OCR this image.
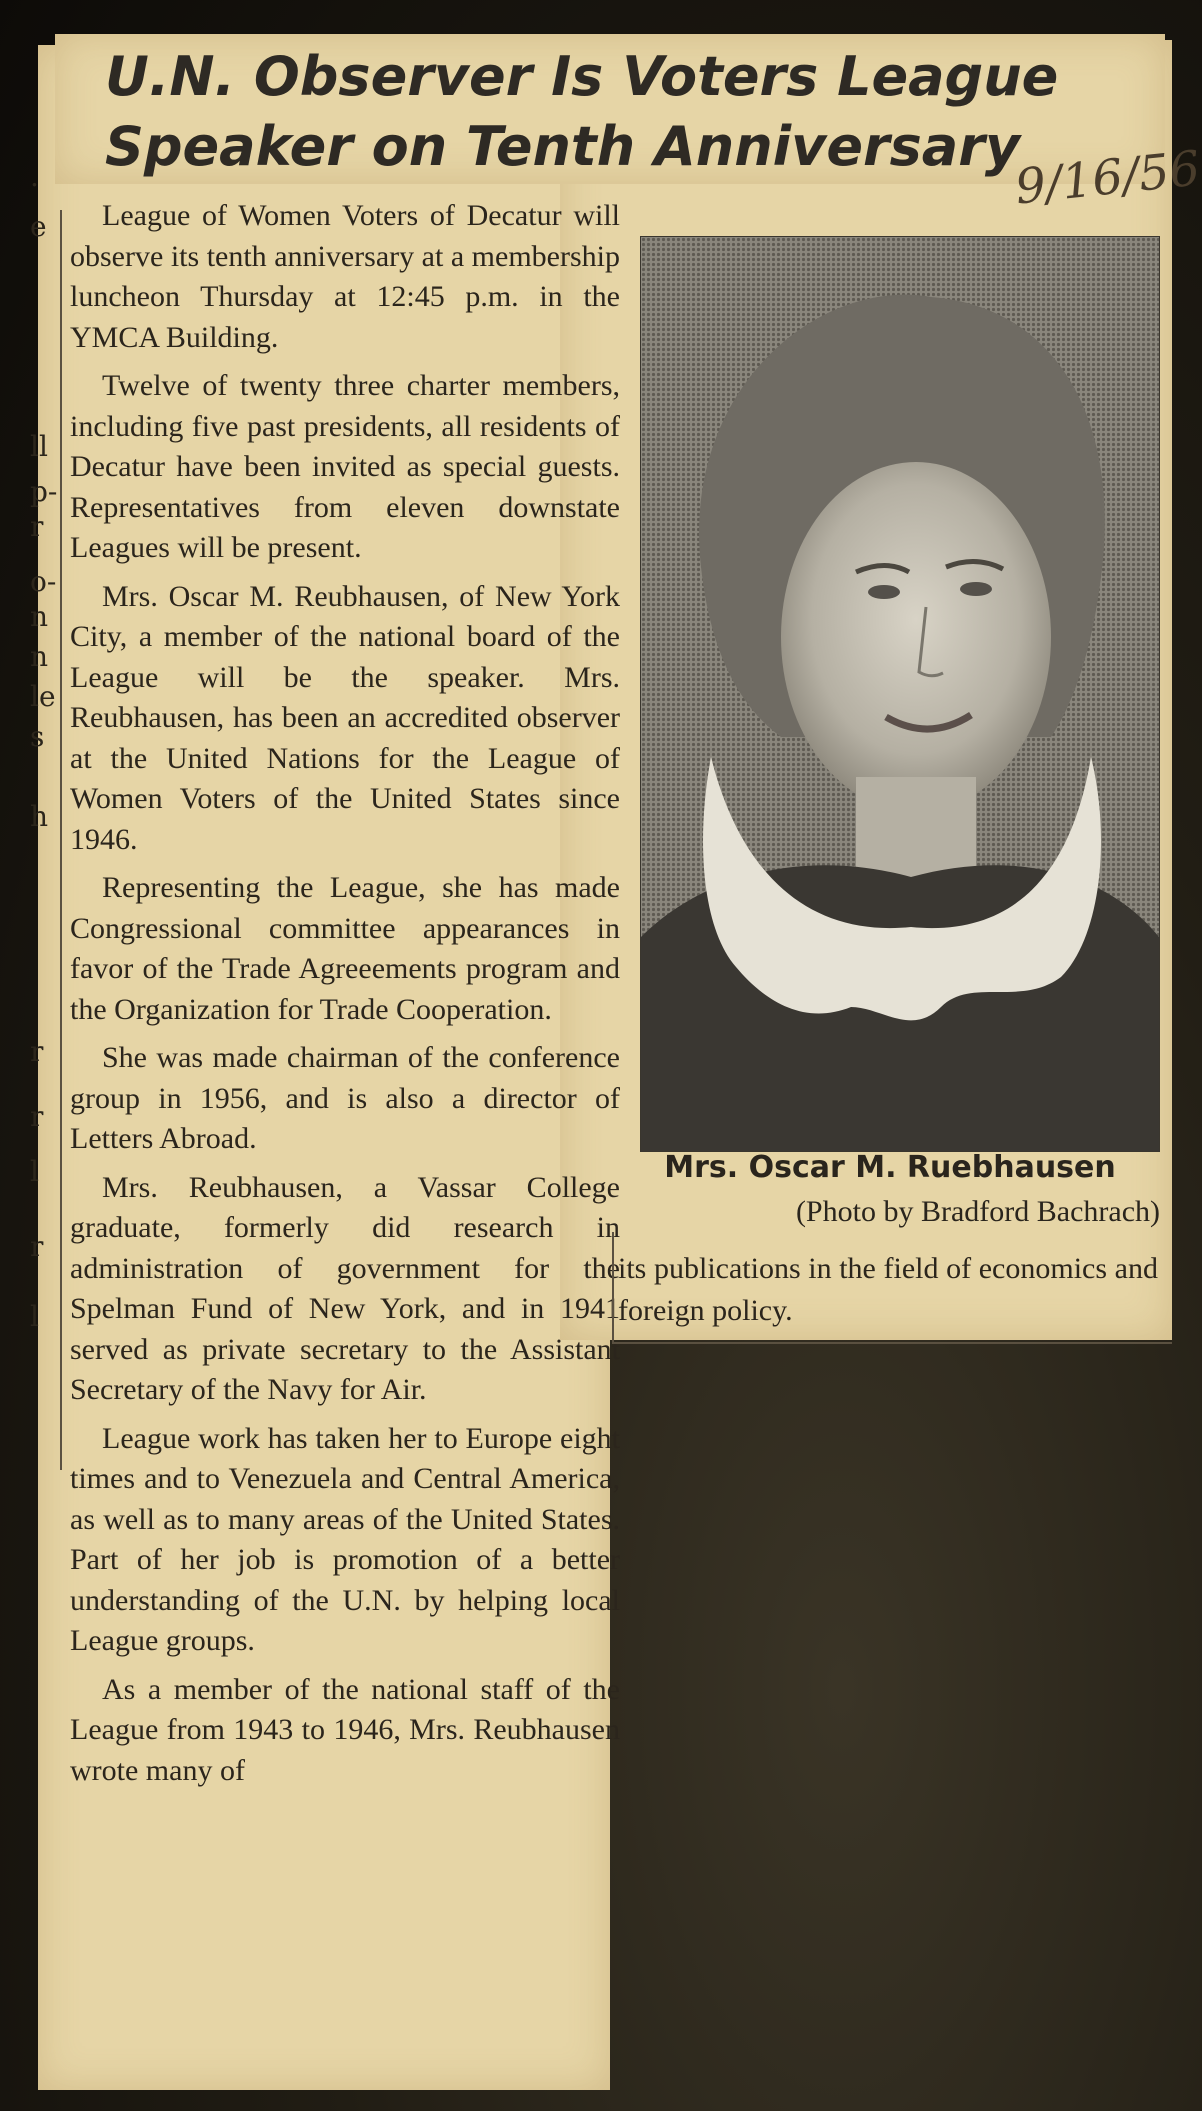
.
e
ll
p-
r
o-
n
n
le
s
h
r
r
l
r
l
U.N. Observer Is Voters League
Speaker on Tenth Anniversary
9/16/56

League of Women Voters of Decatur will observe its tenth anniversary at a membership luncheon Thursday at 12:45 p.m. in the YMCA Building.

Twelve of twenty three charter members, including five past presidents, all residents of Decatur have been invited as special guests. Representatives from eleven downstate Leagues will be present.

Mrs. Oscar M. Reubhausen, of New York City, a member of the national board of the League will be the speaker. Mrs. Reubhausen, has been an accredited observer at the United Nations for the League of Women Voters of the United States since 1946.

Representing the League, she has made Congressional committee appearances in favor of the Trade Agreeements program and the Organization for Trade Cooperation.

She was made chairman of the conference group in 1956, and is also a director of Letters Abroad.

Mrs. Reubhausen, a Vassar College graduate, formerly did research in administration of government for the Spelman Fund of New York, and in 1941 served as private secretary to the Assistant Secretary of the Navy for Air.

League work has taken her to Europe eight times and to Venezuela and Central America, as well as to many areas of the United States. Part of her job is promotion of a better understanding of the U.N. by helping local League groups.

As a member of the national staff of the League from 1943 to 1946, Mrs. Reubhausen wrote many of

Mrs. Oscar M. Ruebhausen
(Photo by Bradford Bachrach)

its publications in the field of economics and foreign policy.
